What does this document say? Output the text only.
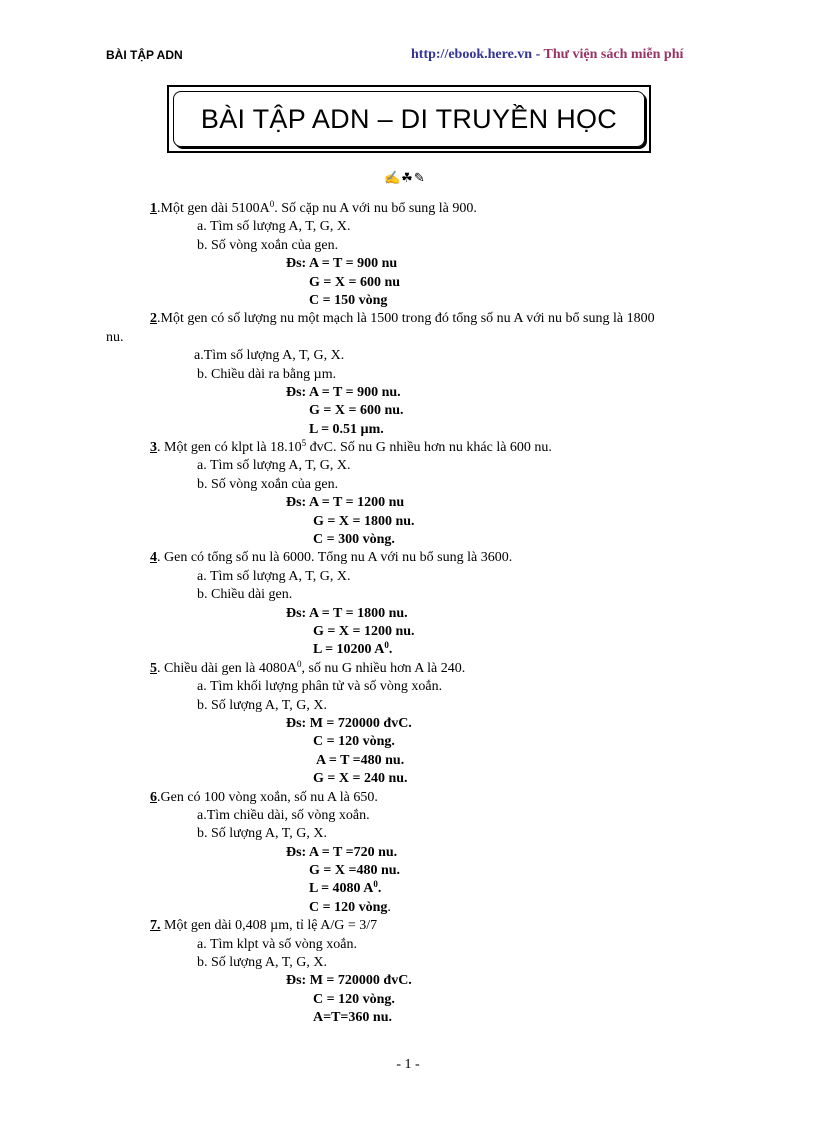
BÀI TẬP ADN	http://ebook.here.vn - Thư viện sách miễn phí
BÀI TẬP ADN – DI TRUYỀN HỌC
✍☘✎
1.Một gen dài $5100A^0$. Số cặp nu A với nu bổ sung là 900.
a. Tìm số lượng A, T, G, X.
b. Số vòng xoắn của gen.
Đs: A = T = 900 nu
G = X = 600 nu
C = 150 vòng
2.Một gen có số lượng nu một mạch là 1500 trong đó tổng số nu A với nu bổ sung là 1800
nu.
a.Tìm số lượng A, T, G, X.
b. Chiều dài ra bằng µm.
Đs: A = T = 900 nu.
G = X = 600 nu.
L = 0.51 µm.
3. Một gen có klpt là 18.10$^5$ đvC. Số nu G nhiều hơn nu khác là 600 nu.
a. Tìm số lượng A, T, G, X.
b. Số vòng xoắn của gen.
Đs: A = T = 1200 nu
G = X = 1800 nu.
C = 300 vòng.
4. Gen có tổng số nu là 6000. Tổng nu A với nu bổ sung là 3600.
a. Tìm số lượng A, T, G, X.
b. Chiều dài gen.
Đs: A = T = 1800 nu.
G = X = 1200 nu.
L = 10200 $A^0$.
5. Chiều dài gen là $4080A^0$, số nu G nhiều hơn A là 240.
a. Tìm khối lượng phân tử và số vòng xoắn.
b. Số lượng A, T, G, X.
Đs: M = 720000 đvC.
C = 120 vòng.
A = T =480 nu.
G = X = 240 nu.
6.Gen có 100 vòng xoắn, số nu A là 650.
a.Tìm chiều dài, số vòng xoắn.
b. Số lượng A, T, G, X.
Đs: A = T =720 nu.
G = X =480 nu.
L = 4080 $A^0$.
C = 120 vòng.
7. Một gen dài 0,408 µm, tỉ lệ A/G = 3/7
a. Tìm klpt và số vòng xoắn.
b. Số lượng A, T, G, X.
Đs: M = 720000 đvC.
C = 120 vòng.
A=T=360 nu.
- 1 -
